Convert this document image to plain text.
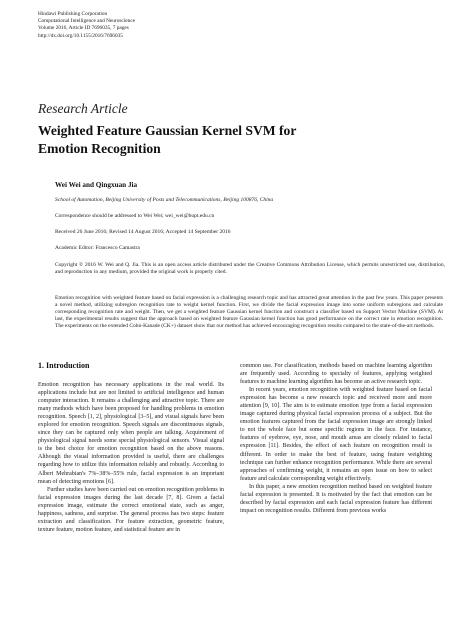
Hindawi Publishing Corporation
Computational Intelligence and Neuroscience
Volume 2016, Article ID 7696035, 7 pages
http://dx.doi.org/10.1155/2016/7696035
Research Article
Weighted Feature Gaussian Kernel SVM for Emotion Recognition
Wei Wei and Qingxuan Jia
School of Automation, Beijing University of Posts and Telecommunications, Beijing 100876, China
Correspondence should be addressed to Wei Wei; wei_wei@bupt.edu.cn
Received 26 June 2016; Revised 14 August 2016; Accepted 14 September 2016
Academic Editor: Francesco Camastra
Copyright © 2016 W. Wei and Q. Jia. This is an open access article distributed under the Creative Commons Attribution License, which permits unrestricted use, distribution, and reproduction in any medium, provided the original work is properly cited.
Emotion recognition with weighted feature based on facial expression is a challenging research topic and has attracted great attention in the past few years. This paper presents a novel method, utilizing subregion recognition rate to weight kernel function. First, we divide the facial expression image into some uniform subregions and calculate corresponding recognition rate and weight. Then, we get a weighted feature Gaussian kernel function and construct a classifier based on Support Vector Machine (SVM). At last, the experimental results suggest that the approach based on weighted feature Gaussian kernel function has good performance on the correct rate in emotion recognition. The experiments on the extended Cohn-Kanade (CK+) dataset show that our method has achieved encouraging recognition results compared to the state-of-the-art methods.
1. Introduction

Emotion recognition has necessary applications in the real world. Its applications include but are not limited to artificial intelligence and human computer interaction. It remains a challenging and attractive topic. There are many methods which have been proposed for handling problems in emotion recognition. Speech [1, 2], physiological [3–5], and visual signals have been explored for emotion recognition. Speech signals are discontinuous signals, since they can be captured only when people are talking. Acquirement of physiological signal needs some special physiological sensors. Visual signal is the best choice for emotion recognition based on the above reasons. Although the visual information provided is useful, there are challenges regarding how to utilize this information reliably and robustly. According to Albert Mehrabian's 7%–38%–55% rule, facial expression is an important mean of detecting emotions [6].

Further studies have been carried out on emotion recognition problems in facial expression images during the last decade [7, 8]. Given a facial expression image, estimate the correct emotional state, such as anger, happiness, sadness, and surprise. The general process has two steps: feature extraction and classification. For feature extraction, geometric feature, texture feature, motion feature, and statistical feature are in

common use. For classification, methods based on machine learning algorithm are frequently used. According to specialty of features, applying weighted features to machine learning algorithm has become an active research topic.

In recent years, emotion recognition with weighted feature based on facial expression has become a new research topic and received more and more attention [9, 10]. The aim is to estimate emotion type from a facial expression image captured during physical facial expression process of a subject. But the emotion features captured from the facial expression image are strongly linked to not the whole face but some specific regions in the face. For instance, features of eyebrow, eye, nose, and mouth areas are closely related to facial expression [11]. Besides, the effect of each feature on recognition result is different. In order to make the best of feature, using feature weighting technique can further enhance recognition performance. While there are several approaches of confirming weight, it remains an open issue on how to select feature and calculate corresponding weight effectively.

In this paper, a new emotion recognition method based on weighted feature facial expression is presented. It is motivated by the fact that emotion can be described by facial expression and each facial expression feature has different impact on recognition results. Different from previous works
